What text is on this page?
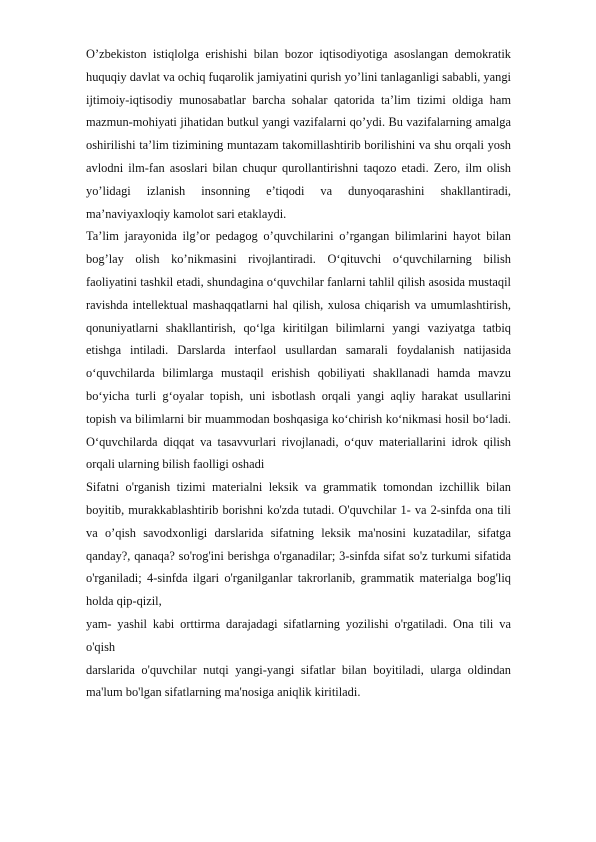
O’zbekiston istiqlolga erishishi bilan bozor iqtisodiyotiga asoslangan demokratik huquqiy davlat va ochiq fuqarolik jamiyatini qurish yo’lini tanlaganligi sababli, yangi ijtimoiy-iqtisodiy munosabatlar barcha sohalar qatorida ta’lim tizimi oldiga ham mazmun-mohiyati jihatidan butkul yangi vazifalarni qo’ydi. Bu vazifalarning amalga oshirilishi ta’lim tizimining muntazam takomillashtirib borilishini va shu orqali yosh avlodni ilm-fan asoslari bilan chuqur qurollantirishni taqozo etadi. Zero, ilm olish yo’lidagi izlanish insonning e’tiqodi va dunyoqarashini shakllantiradi, ma’naviyaxloqiy kamolot sari etaklaydi.

Ta’lim jarayonida ilg’or pedagog o’quvchilarini o’rgangan bilimlarini hayot bilan bog’lay olish ko’nikmasini rivojlantiradi. O‘qituvchi o‘quvchilarning bilish faoliyatini tashkil etadi, shundagina o‘quvchilar fanlarni tahlil qilish asosida mustaqil ravishda intellektual mashaqqatlarni hal qilish, xulosa chiqarish va umumlashtirish, qonuniyatlarni shakllantirish, qo‘lga kiritilgan bilimlarni yangi vaziyatga tatbiq etishga intiladi. Darslarda interfaol usullardan samarali foydalanish natijasida o‘quvchilarda bilimlarga mustaqil erishish qobiliyati shakllanadi hamda mavzu bo‘yicha turli g‘oyalar topish, uni isbotlash orqali yangi aqliy harakat usullarini topish va bilimlarni bir muammodan boshqasiga ko‘chirish ko‘nikmasi hosil bo‘ladi. O‘quvchilarda diqqat va tasavvurlari rivojlanadi, o‘quv materiallarini idrok qilish orqali ularning bilish faolligi oshadi

Sifatni o'rganish tizimi materialni leksik va grammatik tomondan izchillik bilan boyitib, murakkablashtirib borishni ko'zda tutadi. O'quvchilar 1- va 2-sinfda ona tili va o’qish savodxonligi darslarida sifatning leksik ma'nosini kuzatadilar, sifatga qanday?, qanaqa? so'rog'ini berishga o'rganadilar; 3-sinfda sifat so'z turkumi sifatida o'rganiladi; 4-sinfda ilgari o'rganilganlar takrorlanib, grammatik materialga bog'liq holda qip-qizil,

yam- yashil kabi orttirma darajadagi sifatlarning yozilishi o'rgatiladi. Ona tili va o'qish

darslarida o'quvchilar nutqi yangi-yangi sifatlar bilan boyitiladi, ularga oldindan ma'lum bo'lgan sifatlarning ma'nosiga aniqlik kiritiladi.
